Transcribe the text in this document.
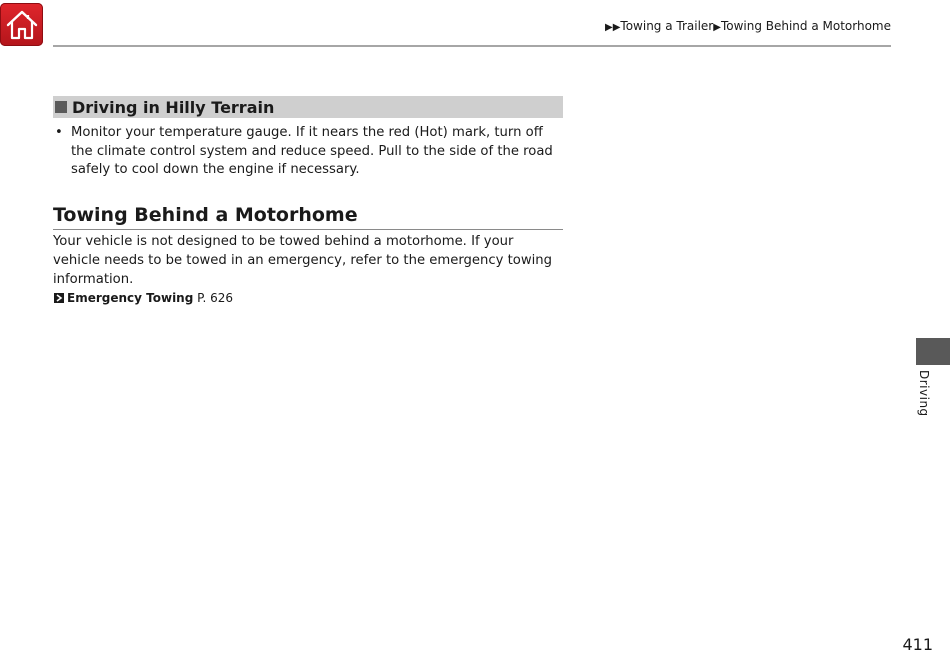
▶▶Towing a Trailer▶Towing Behind a Motorhome
Driving in Hilly Terrain
• Monitor your temperature gauge. If it nears the red (Hot) mark, turn off the climate control system and reduce speed. Pull to the side of the road safely to cool down the engine if necessary.
Towing Behind a Motorhome
Your vehicle is not designed to be towed behind a motorhome. If your vehicle needs to be towed in an emergency, refer to the emergency towing information.
Emergency Towing P. 626
Driving
411
